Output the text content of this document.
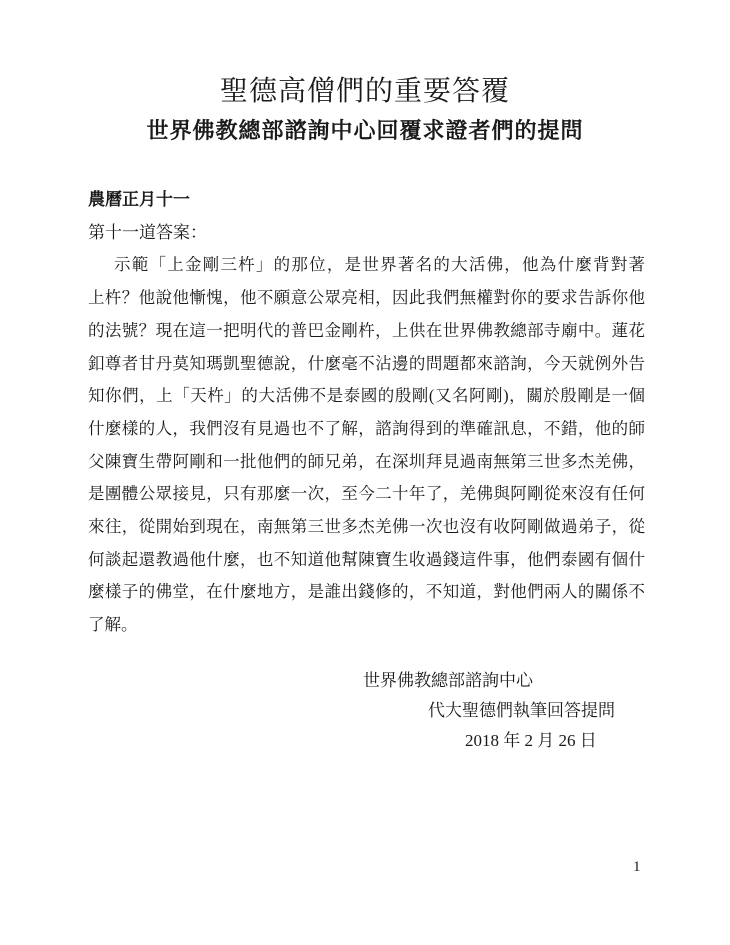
聖德高僧們的重要答覆
世界佛教總部諮詢中心回覆求證者們的提問

農曆正月十一

第十一道答案：

示範「上金剛三杵」的那位，是世界著名的大活佛，他為什麼背對著
上杵？他說他慚愧，他不願意公眾亮相，因此我們無權對你的要求告訴你他
的法號？現在這一把明代的普巴金剛杵，上供在世界佛教總部寺廟中。蓮花
釦尊者甘丹莫知瑪凱聖德說，什麼毫不沾邊的問題都來諮詢，今天就例外告
知你們，上「天杵」的大活佛不是泰國的殷剛(又名阿剛)，關於殷剛是一個
什麼樣的人，我們沒有見過也不了解，諮詢得到的準確訊息，不錯，他的師
父陳寶生帶阿剛和一批他們的師兄弟，在深圳拜見過南無第三世多杰羌佛，
是團體公眾接見，只有那麼一次，至今二十年了，羌佛與阿剛從來沒有任何
來往，從開始到現在，南無第三世多杰羌佛一次也沒有收阿剛做過弟子，從
何談起還教過他什麼，也不知道他幫陳寶生收過錢這件事，他們泰國有個什
麼樣子的佛堂，在什麼地方，是誰出錢修的，不知道，對他們兩人的關係不
了解。
世界佛教總部諮詢中心
代大聖德們執筆回答提問
2018 年 2 月 26 日
1
